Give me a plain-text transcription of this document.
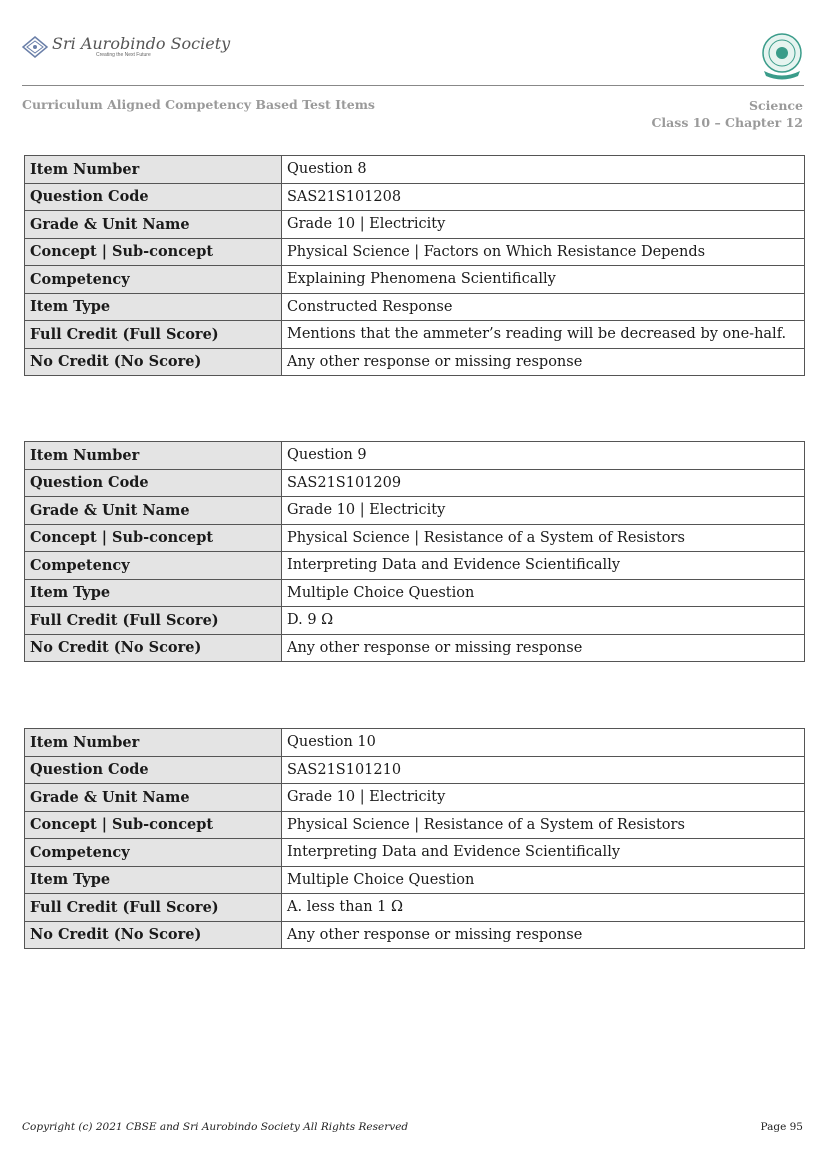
Sri Aurobindo Society
Creating the Next Future
Curriculum Aligned Competency Based Test Items	Science
Class 10 – Chapter 12
Item Number	Question 8
Question Code	SAS21S101208
Grade & Unit Name	Grade 10 | Electricity
Concept | Sub-concept	Physical Science | Factors on Which Resistance Depends
Competency	Explaining Phenomena Scientifically
Item Type	Constructed Response
Full Credit (Full Score)	Mentions that the ammeter’s reading will be decreased by one-half.
No Credit (No Score)	Any other response or missing response
Item Number	Question 9
Question Code	SAS21S101209
Grade & Unit Name	Grade 10 | Electricity
Concept | Sub-concept	Physical Science | Resistance of a System of Resistors
Competency	Interpreting Data and Evidence Scientifically
Item Type	Multiple Choice Question
Full Credit (Full Score)	D. 9 Ω
No Credit (No Score)	Any other response or missing response
Item Number	Question 10
Question Code	SAS21S101210
Grade & Unit Name	Grade 10 | Electricity
Concept | Sub-concept	Physical Science | Resistance of a System of Resistors
Competency	Interpreting Data and Evidence Scientifically
Item Type	Multiple Choice Question
Full Credit (Full Score)	A. less than 1 Ω
No Credit (No Score)	Any other response or missing response
Copyright (c) 2021 CBSE and Sri Aurobindo Society All Rights Reserved	Page 95
